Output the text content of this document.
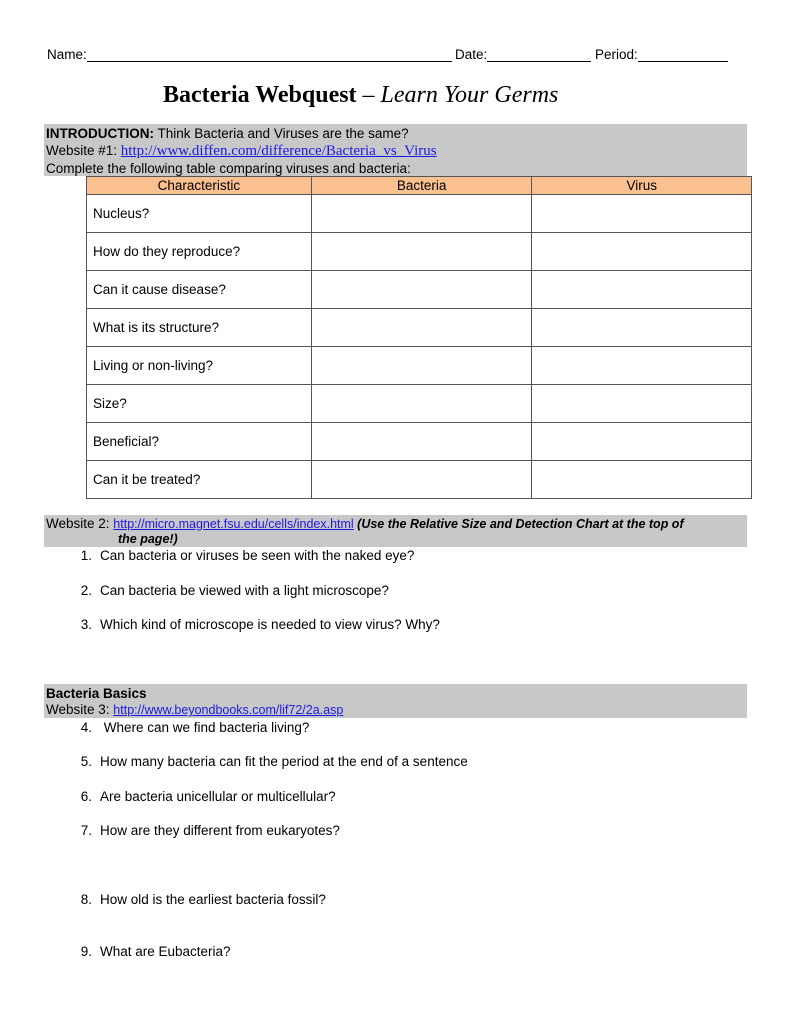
Name:	Date:	Period:
Bacteria Webquest – Learn Your Germs
INTRODUCTION: Think Bacteria and Viruses are the same?
Website #1: http://www.diffen.com/difference/Bacteria_vs_Virus
Complete the following table comparing viruses and bacteria:
Characteristic	Bacteria	Virus
Nucleus?		
How do they reproduce?		
Can it cause disease?		
What is its structure?		
Living or non-living?		
Size?		
Beneficial?		
Can it be treated?		
Website 2: http://micro.magnet.fsu.edu/cells/index.html (Use the Relative Size and Detection Chart at the top of
the page!)
1. Can bacteria or viruses be seen with the naked eye?
2. Can bacteria be viewed with a light microscope?
3. Which kind of microscope is needed to view virus? Why?
Bacteria Basics
Website 3: http://www.beyondbooks.com/lif72/2a.asp
4. Where can we find bacteria living?
5. How many bacteria can fit the period at the end of a sentence
6. Are bacteria unicellular or multicellular?
7. How are they different from eukaryotes?
8. How old is the earliest bacteria fossil?
9. What are Eubacteria?
